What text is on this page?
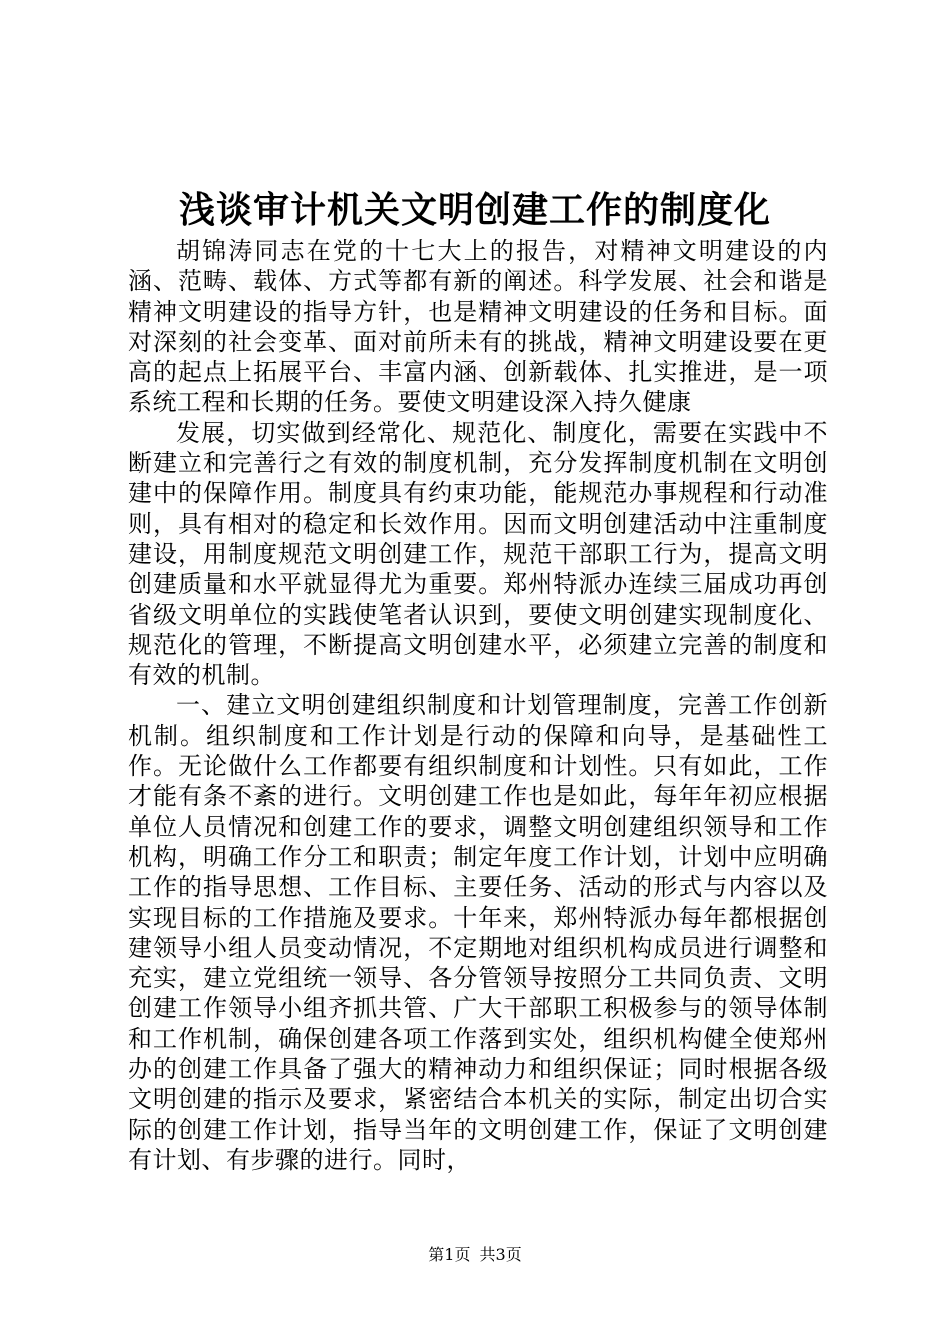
浅谈审计机关文明创建工作的制度化

胡锦涛同志在党的十七大上的报告，对精神文明建设的内涵、范畴、载体、方式等都有新的阐述。科学发展、社会和谐是精神文明建设的指导方针，也是精神文明建设的任务和目标。面对深刻的社会变革、面对前所未有的挑战，精神文明建设要在更高的起点上拓展平台、丰富内涵、创新载体、扎实推进，是一项系统工程和长期的任务。要使文明建设深入持久健康

发展，切实做到经常化、规范化、制度化，需要在实践中不断建立和完善行之有效的制度机制，充分发挥制度机制在文明创建中的保障作用。制度具有约束功能，能规范办事规程和行动准则，具有相对的稳定和长效作用。因而文明创建活动中注重制度建设，用制度规范文明创建工作，规范干部职工行为，提高文明创建质量和水平就显得尤为重要。郑州特派办连续三届成功再创省级文明单位的实践使笔者认识到，要使文明创建实现制度化、规范化的管理，不断提高文明创建水平，必须建立完善的制度和有效的机制。

一、建立文明创建组织制度和计划管理制度，完善工作创新机制。组织制度和工作计划是行动的保障和向导，是基础性工作。无论做什么工作都要有组织制度和计划性。只有如此，工作才能有条不紊的进行。文明创建工作也是如此，每年年初应根据单位人员情况和创建工作的要求，调整文明创建组织领导和工作机构，明确工作分工和职责；制定年度工作计划，计划中应明确工作的指导思想、工作目标、主要任务、活动的形式与内容以及实现目标的工作措施及要求。十年来，郑州特派办每年都根据创建领导小组人员变动情况，不定期地对组织机构成员进行调整和充实，建立党组统一领导、各分管领导按照分工共同负责、文明创建工作领导小组齐抓共管、广大干部职工积极参与的领导体制和工作机制，确保创建各项工作落到实处，组织机构健全使郑州办的创建工作具备了强大的精神动力和组织保证；同时根据各级文明创建的指示及要求，紧密结合本机关的实际，制定出切合实际的创建工作计划，指导当年的文明创建工作，保证了文明创建有计划、有步骤的进行。同时，

第1页 共3页
